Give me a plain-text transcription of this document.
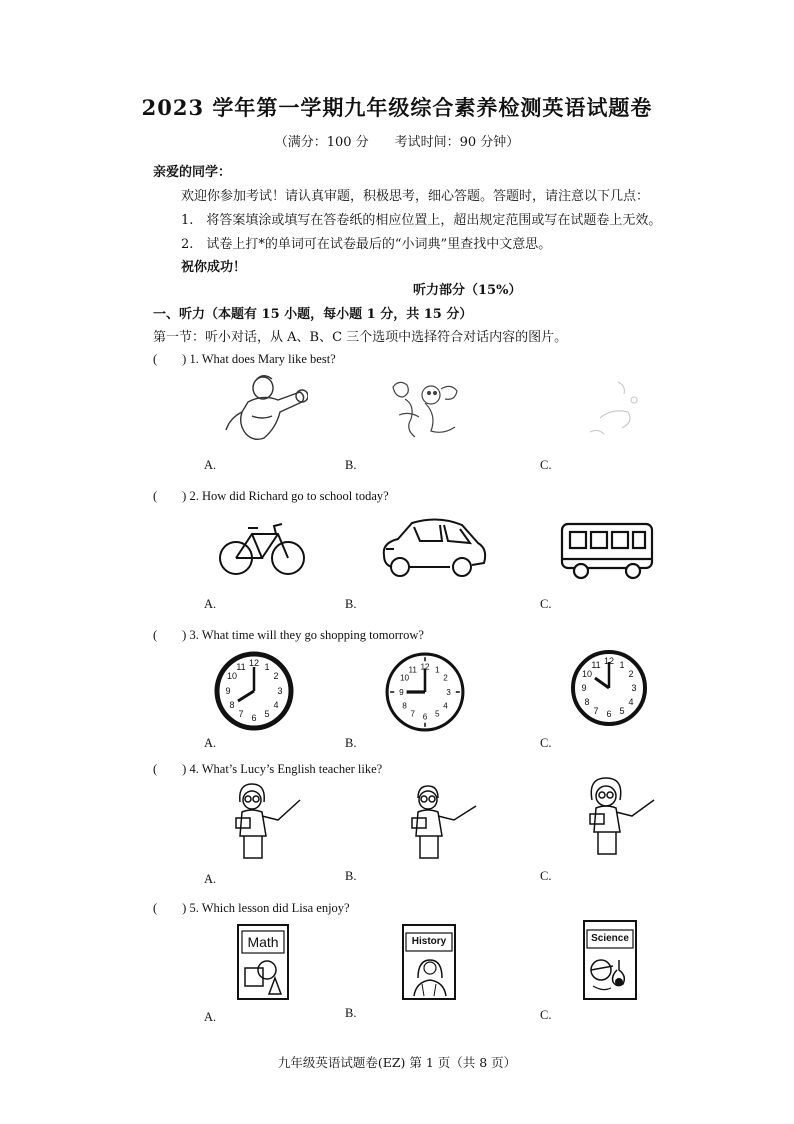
2023 学年第一学期九年级综合素养检测英语试题卷
（满分：100 分　　考试时间：90 分钟）
亲爱的同学：
欢迎你参加考试！请认真审题，积极思考，细心答题。答题时，请注意以下几点：
1.　将答案填涂或填写在答卷纸的相应位置上，超出规定范围或写在试题卷上无效。
2.　试卷上打*的单词可在试卷最后的“小词典”里查找中文意思。
祝你成功！
听力部分（15%）
一、听力（本题有 15 小题，每小题 1 分，共 15 分）
第一节：听小对话，从 A、B、C 三个选项中选择符合对话内容的图片。
(　　) 1. What does Mary like best?
A.	B.	C.
(　　) 2. How did Richard go to school today?
A.	B.	C.
(　　) 3. What time will they go shopping tomorrow?
12 1
2
3
4
5
6
7
8
9
10
11	12 1
2
3
4
5
6
7
8
9
10
11
12 1
2
3
4
5
6
7
8
9
10
11
A.	B.	C.
(　　) 4. What’s Lucy’s English teacher like?
A.	B.	C.
(　　) 5. Which lesson did Lisa enjoy?
Math	History	Science
A.	B.	C.
九年级英语试题卷(EZ) 第 1 页（共 8 页）
